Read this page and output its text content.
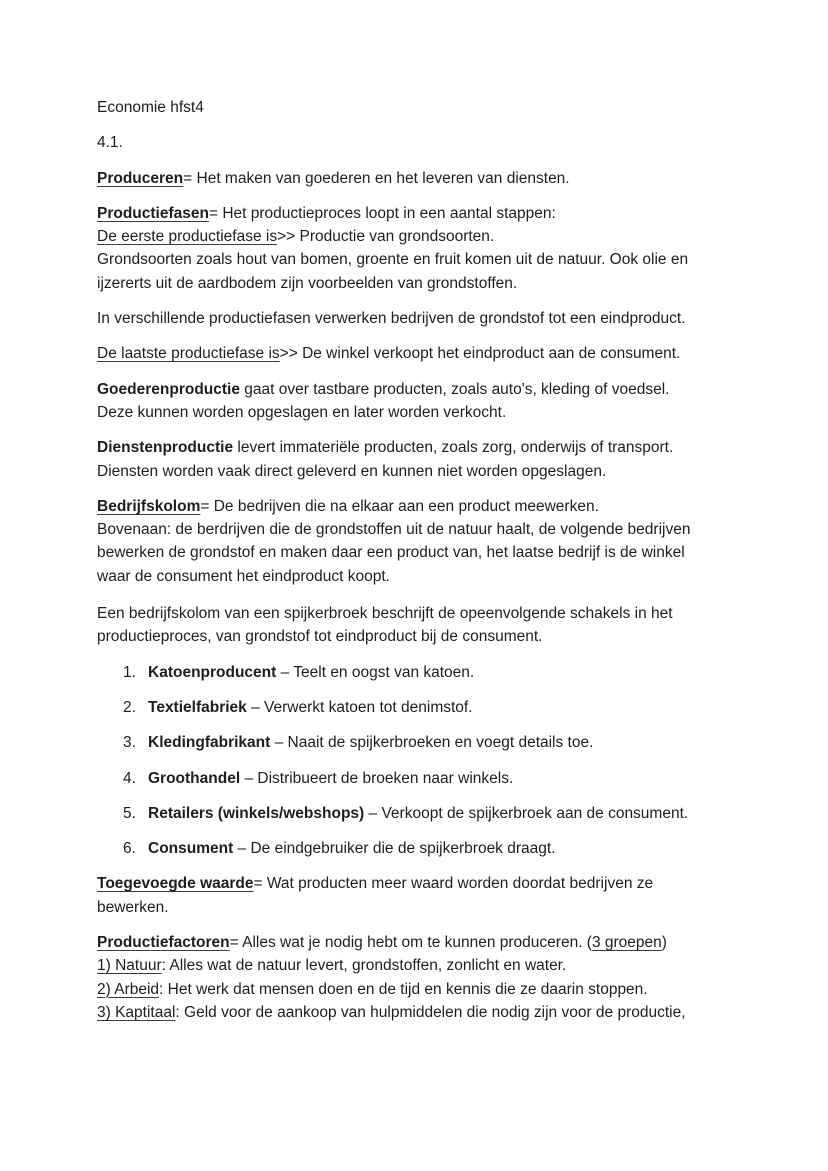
Economie hfst4

4.1.

Produceren= Het maken van goederen en het leveren van diensten.

Productiefasen= Het productieproces loopt in een aantal stappen:
De eerste productiefase is>> Productie van grondsoorten.
Grondsoorten zoals hout van bomen, groente en fruit komen uit de natuur. Ook olie en
ijzererts uit de aardbodem zijn voorbeelden van grondstoffen.

In verschillende productiefasen verwerken bedrijven de grondstof tot een eindproduct.

De laatste productiefase is>> De winkel verkoopt het eindproduct aan de consument.

Goederenproductie gaat over tastbare producten, zoals auto's, kleding of voedsel.
Deze kunnen worden opgeslagen en later worden verkocht.

Dienstenproductie levert immateriële producten, zoals zorg, onderwijs of transport.
Diensten worden vaak direct geleverd en kunnen niet worden opgeslagen.

Bedrijfskolom= De bedrijven die na elkaar aan een product meewerken.
Bovenaan: de berdrijven die de grondstoffen uit de natuur haalt, de volgende bedrijven
bewerken de grondstof en maken daar een product van, het laatse bedrijf is de winkel
waar de consument het eindproduct koopt.

Een bedrijfskolom van een spijkerbroek beschrijft de opeenvolgende schakels in het
productieproces, van grondstof tot eindproduct bij de consument.

1. Katoenproducent – Teelt en oogst van katoen.
2. Textielfabriek – Verwerkt katoen tot denimstof.
3. Kledingfabrikant – Naait de spijkerbroeken en voegt details toe.
4. Groothandel – Distribueert de broeken naar winkels.
5. Retailers (winkels/webshops) – Verkoopt de spijkerbroek aan de consument.
6. Consument – De eindgebruiker die de spijkerbroek draagt.

Toegevoegde waarde= Wat producten meer waard worden doordat bedrijven ze
bewerken.

Productiefactoren= Alles wat je nodig hebt om te kunnen produceren. (3 groepen)
1) Natuur: Alles wat de natuur levert, grondstoffen, zonlicht en water.
2) Arbeid: Het werk dat mensen doen en de tijd en kennis die ze daarin stoppen.
3) Kaptitaal: Geld voor de aankoop van hulpmiddelen die nodig zijn voor de productie,
